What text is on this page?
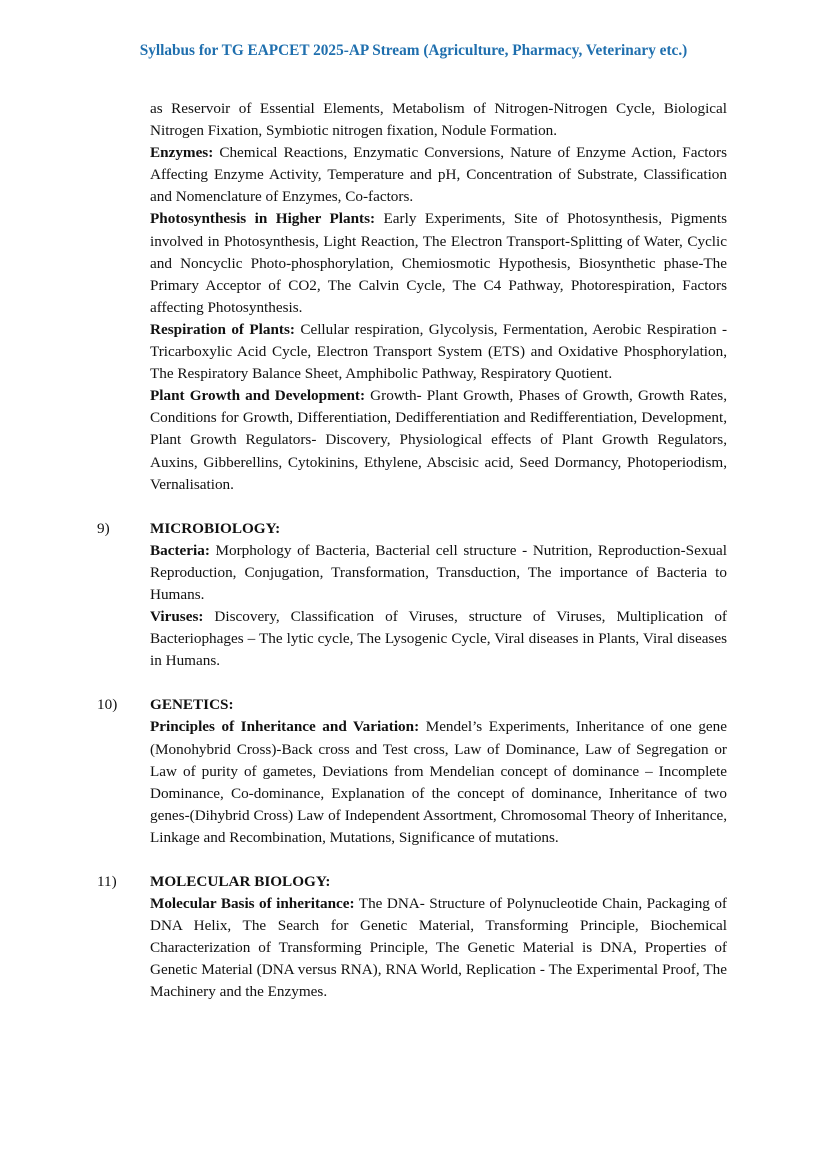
Syllabus for TG EAPCET 2025-AP Stream (Agriculture, Pharmacy, Veterinary etc.)

as Reservoir of Essential Elements, Metabolism of Nitrogen-Nitrogen Cycle, Biological Nitrogen Fixation, Symbiotic nitrogen fixation, Nodule Formation.

Enzymes: Chemical Reactions, Enzymatic Conversions, Nature of Enzyme Action, Factors Affecting Enzyme Activity, Temperature and pH, Concentration of Substrate, Classification and Nomenclature of Enzymes, Co-factors.

Photosynthesis in Higher Plants: Early Experiments, Site of Photosynthesis, Pigments involved in Photosynthesis, Light Reaction, The Electron Transport-Splitting of Water, Cyclic and Noncyclic Photo-phosphorylation, Chemiosmotic Hypothesis, Biosynthetic phase-The Primary Acceptor of CO2, The Calvin Cycle, The C4 Pathway, Photorespiration, Factors affecting Photosynthesis.

Respiration of Plants: Cellular respiration, Glycolysis, Fermentation, Aerobic Respiration - Tricarboxylic Acid Cycle, Electron Transport System (ETS) and Oxidative Phosphorylation, The Respiratory Balance Sheet, Amphibolic Pathway, Respiratory Quotient.

Plant Growth and Development: Growth- Plant Growth, Phases of Growth, Growth Rates, Conditions for Growth, Differentiation, Dedifferentiation and Redifferentiation, Development, Plant Growth Regulators- Discovery, Physiological effects of Plant Growth Regulators, Auxins, Gibberellins, Cytokinins, Ethylene, Abscisic acid, Seed Dormancy, Photoperiodism, Vernalisation.

9)	MICROBIOLOGY:

Bacteria: Morphology of Bacteria, Bacterial cell structure - Nutrition, Reproduction-Sexual Reproduction, Conjugation, Transformation, Transduction, The importance of Bacteria to Humans.

Viruses: Discovery, Classification of Viruses, structure of Viruses, Multiplication of Bacteriophages – The lytic cycle, The Lysogenic Cycle, Viral diseases in Plants, Viral diseases in Humans.

10)	GENETICS:

Principles of Inheritance and Variation: Mendel’s Experiments, Inheritance of one gene (Monohybrid Cross)-Back cross and Test cross, Law of Dominance, Law of Segregation or Law of purity of gametes, Deviations from Mendelian concept of dominance – Incomplete Dominance, Co-dominance, Explanation of the concept of dominance, Inheritance of two genes-(Dihybrid Cross) Law of Independent Assortment, Chromosomal Theory of Inheritance, Linkage and Recombination, Mutations, Significance of mutations.

11)	MOLECULAR BIOLOGY:

Molecular Basis of inheritance: The DNA- Structure of Polynucleotide Chain, Packaging of DNA Helix, The Search for Genetic Material, Transforming Principle, Biochemical Characterization of Transforming Principle, The Genetic Material is DNA, Properties of Genetic Material (DNA versus RNA), RNA World, Replication - The Experimental Proof, The Machinery and the Enzymes.
